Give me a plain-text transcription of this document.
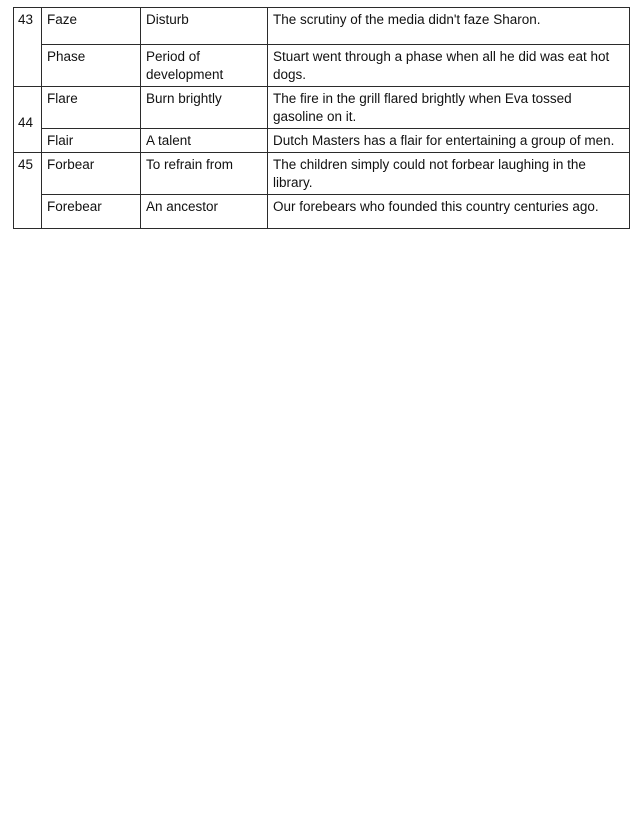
43	Faze	Disturb	The scrutiny of the media didn't faze Sharon.
	Phase	Period of development	Stuart went through a phase when all he did was eat hot dogs.
	Flare	Burn brightly	The fire in the grill flared brightly when Eva tossed gasoline on it.

44	Flair	A talent	Dutch Masters has a flair for entertaining a group of men.
45	Forbear	To refrain from	The children simply could not forbear laughing in the library.
	Forebear	An ancestor	Our forebears who founded this country centuries ago.
